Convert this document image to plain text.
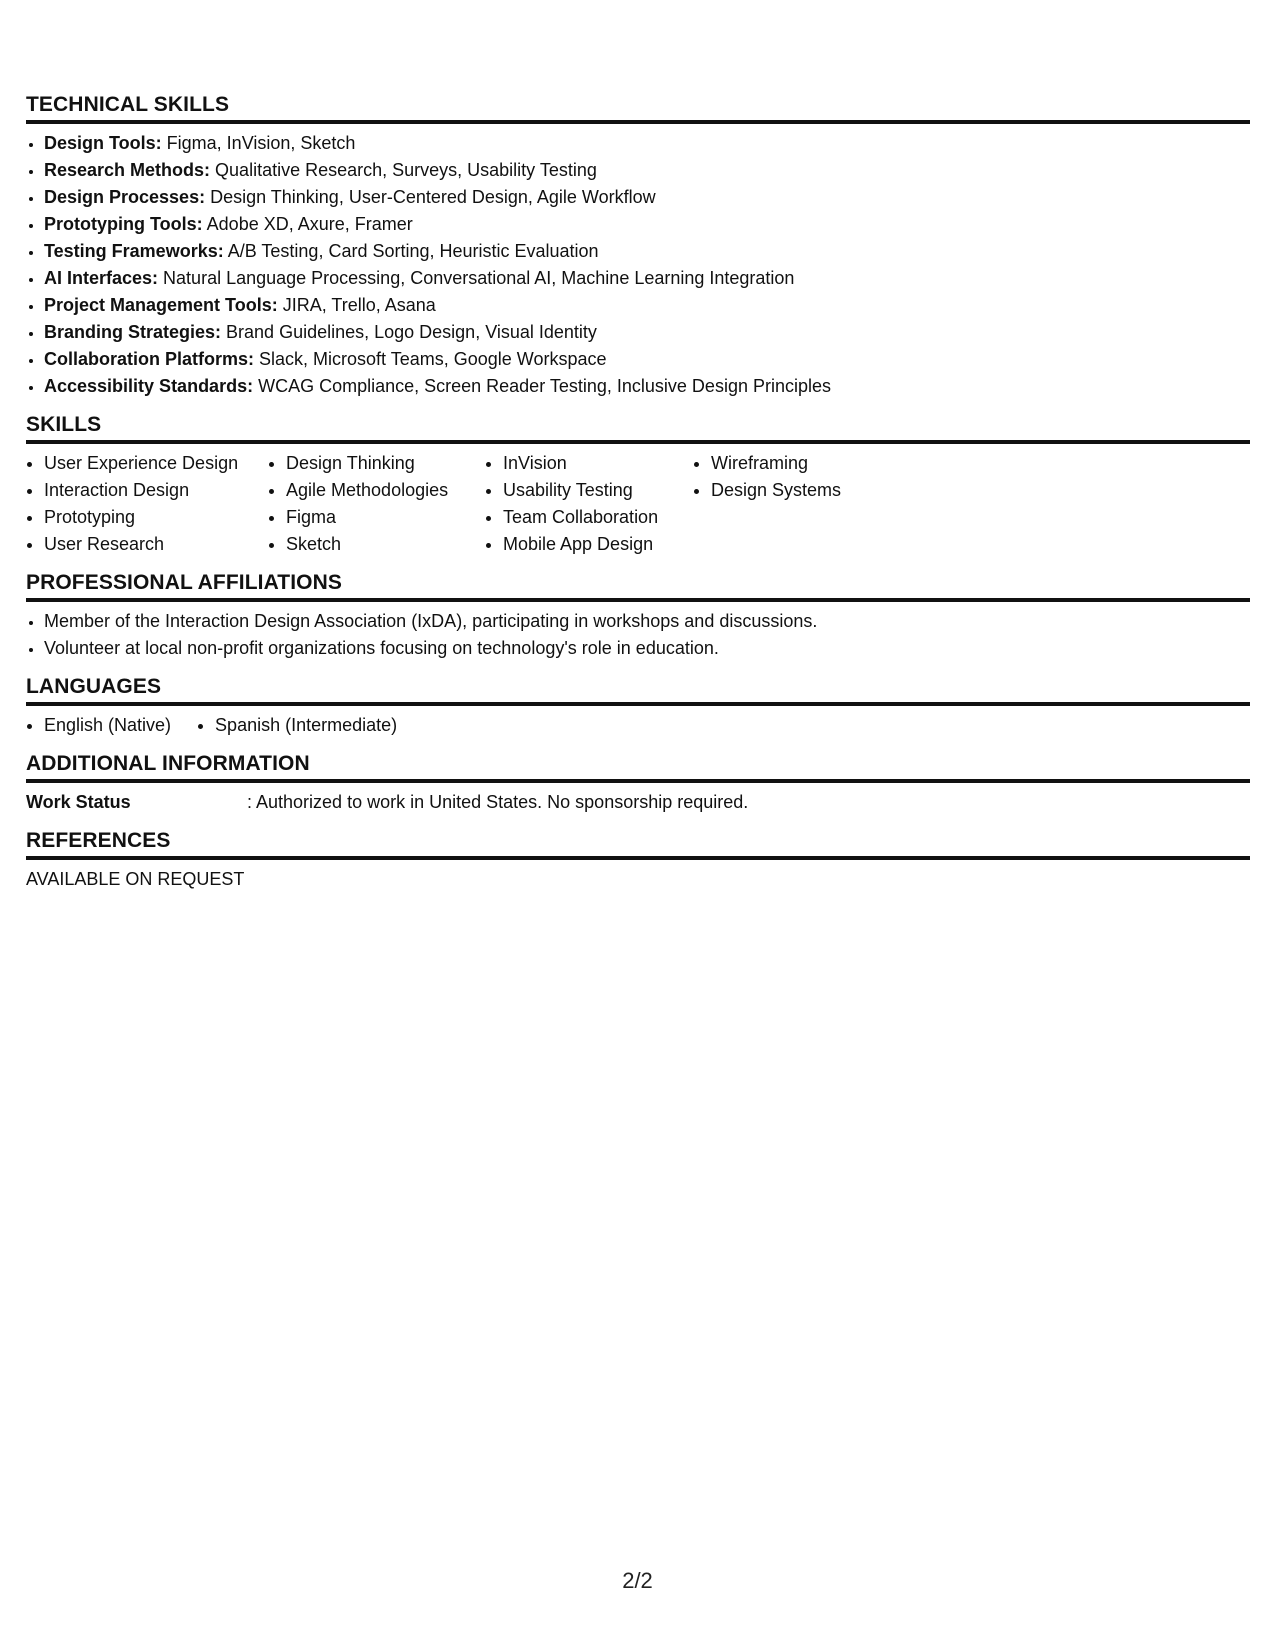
TECHNICAL SKILLS
• Design Tools: Figma, InVision, Sketch
• Research Methods: Qualitative Research, Surveys, Usability Testing
• Design Processes: Design Thinking, User-Centered Design, Agile Workflow
• Prototyping Tools: Adobe XD, Axure, Framer
• Testing Frameworks: A/B Testing, Card Sorting, Heuristic Evaluation
• AI Interfaces: Natural Language Processing, Conversational AI, Machine Learning Integration
• Project Management Tools: JIRA, Trello, Asana
• Branding Strategies: Brand Guidelines, Logo Design, Visual Identity
• Collaboration Platforms: Slack, Microsoft Teams, Google Workspace
• Accessibility Standards: WCAG Compliance, Screen Reader Testing, Inclusive Design Principles
SKILLS
• User Experience Design
• Interaction Design
• Prototyping
• User Research
• Design Thinking
• Agile Methodologies
• Figma
• Sketch
• InVision
• Usability Testing
• Team Collaboration
• Mobile App Design
• Wireframing
• Design Systems
PROFESSIONAL AFFILIATIONS
• Member of the Interaction Design Association (IxDA), participating in workshops and discussions.
• Volunteer at local non-profit organizations focusing on technology's role in education.
LANGUAGES
• English (Native)
• Spanish (Intermediate)
ADDITIONAL INFORMATION
Work Status	: Authorized to work in United States. No sponsorship required.
REFERENCES
AVAILABLE ON REQUEST
2/2
